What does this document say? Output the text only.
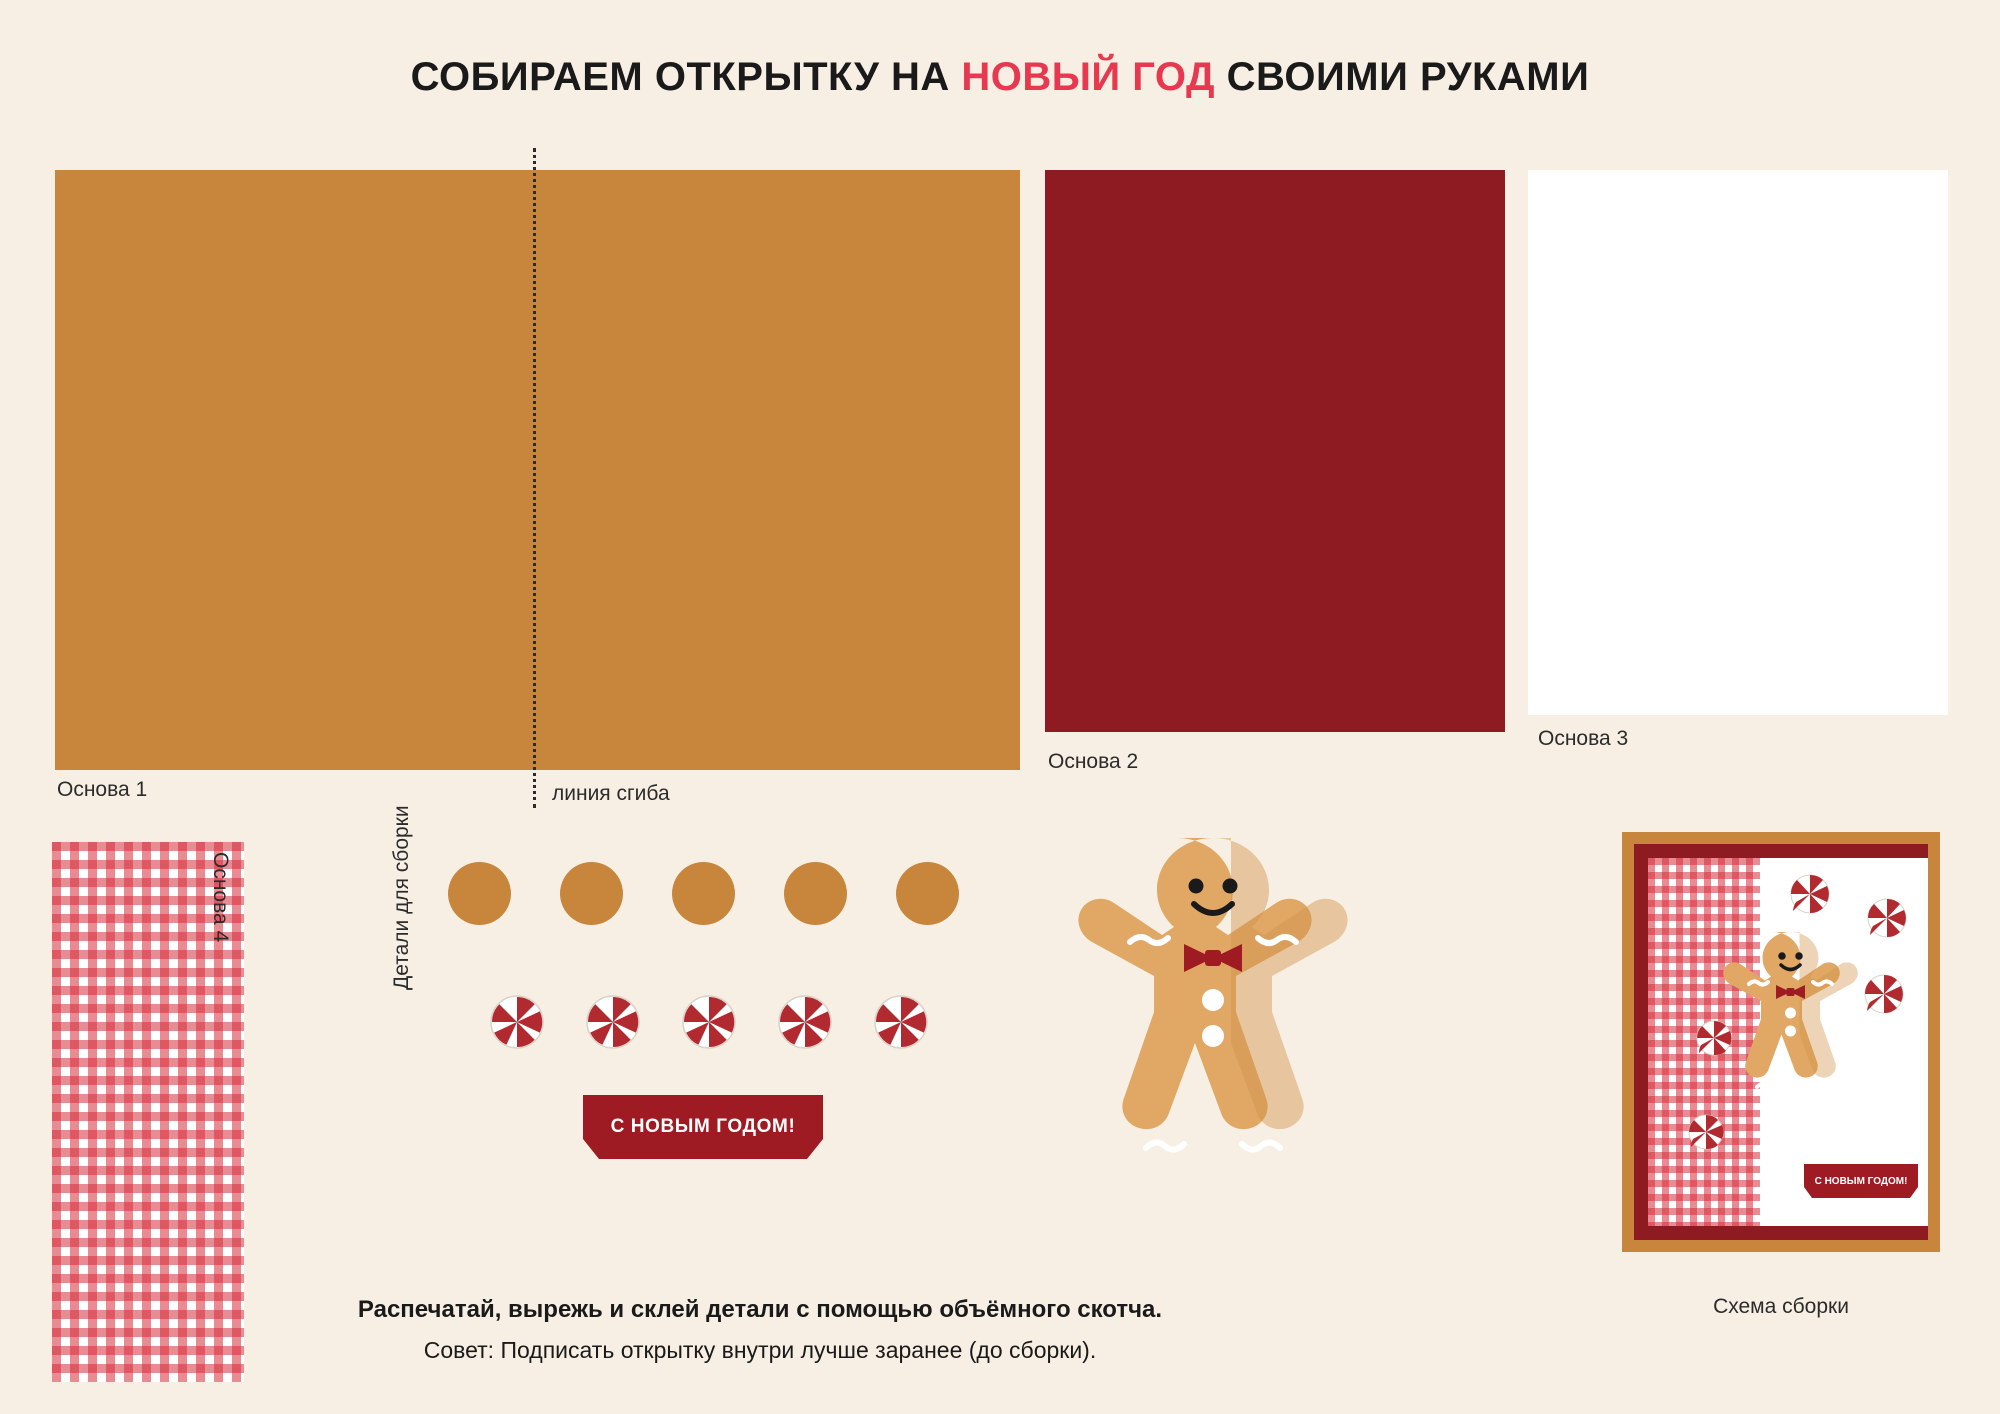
СОБИРАЕМ ОТКРЫТКУ НА НОВЫЙ ГОД СВОИМИ РУКАМИ
Основа 1	линия сгиба
Основа 2
Основа 3
Основа 4	Детали для сборки
С НОВЫМ ГОДОМ!
С НОВЫМ ГОДОМ!
Схема сборки
Распечатай, вырежь и склей детали с помощью объёмного скотча.
Совет: Подписать открытку внутри лучше заранее (до сборки).
